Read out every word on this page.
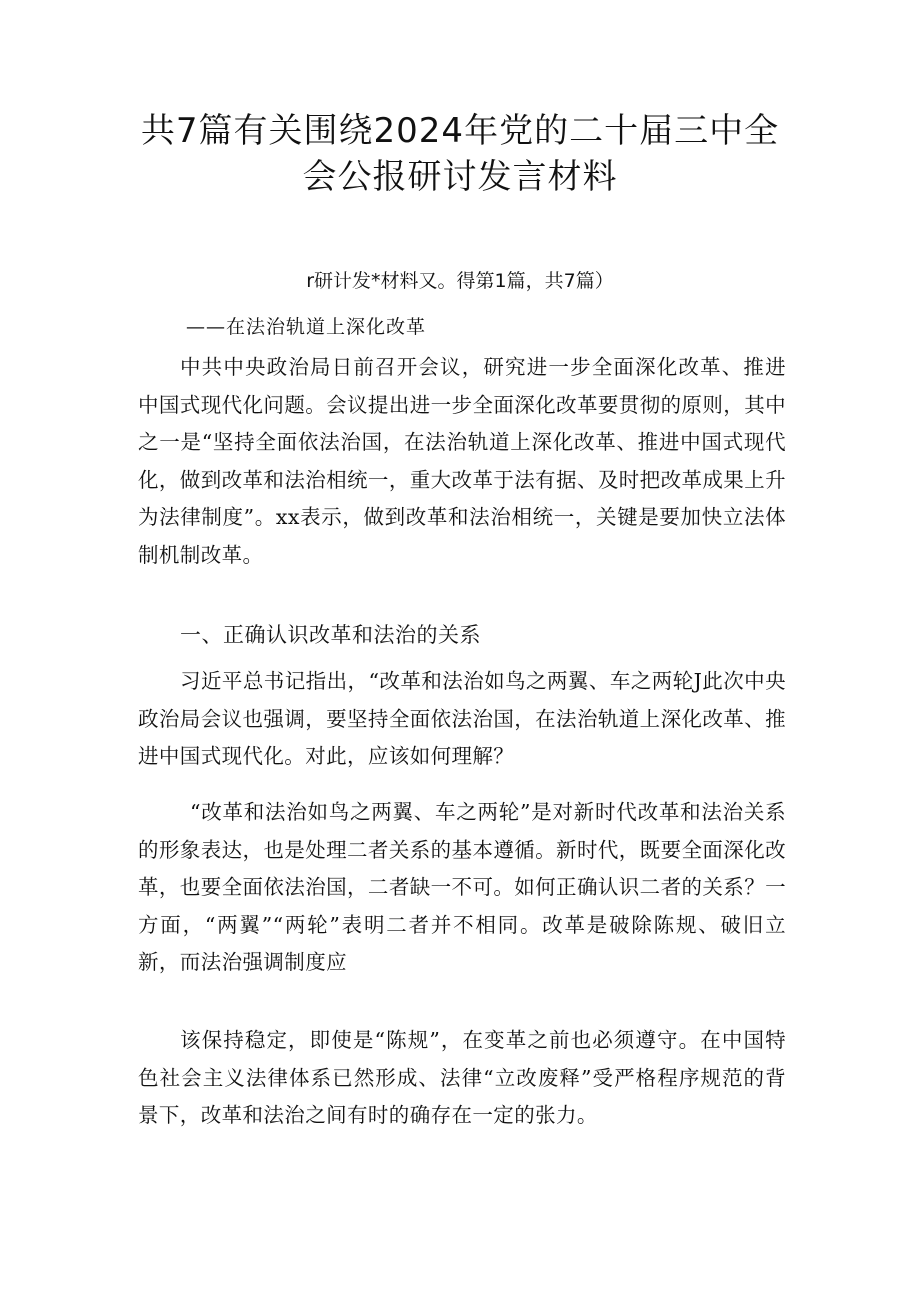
共7篇有关围绕2024年党的二十届三中全
会公报研讨发言材料

r研计发*材料又。得第1篇，共7篇）

——在法治轨道上深化改革

中共中央政治局日前召开会议，研究进一步全面深化改革、推进中国式现代化问题。会议提出进一步全面深化改革要贯彻的原则，其中之一是“坚持全面依法治国，在法治轨道上深化改革、推进中国式现代化，做到改革和法治相统一，重大改革于法有据、及时把改革成果上升为法律制度”。xx表示，做到改革和法治相统一，关键是要加快立法体制机制改革。

一、正确认识改革和法治的关系

习近平总书记指出，“改革和法治如鸟之两翼、车之两轮J此次中央政治局会议也强调，要坚持全面依法治国，在法治轨道上深化改革、推进中国式现代化。对此，应该如何理解？

“改革和法治如鸟之两翼、车之两轮”是对新时代改革和法治关系的形象表达，也是处理二者关系的基本遵循。新时代，既要全面深化改革，也要全面依法治国，二者缺一不可。如何正确认识二者的关系？一方面，“两翼”“两轮”表明二者并不相同。改革是破除陈规、破旧立新，而法治强调制度应

该保持稳定，即使是“陈规”，在变革之前也必须遵守。在中国特色社会主义法律体系已然形成、法律“立改废释”受严格程序规范的背景下，改革和法治之间有时的确存在一定的张力。
